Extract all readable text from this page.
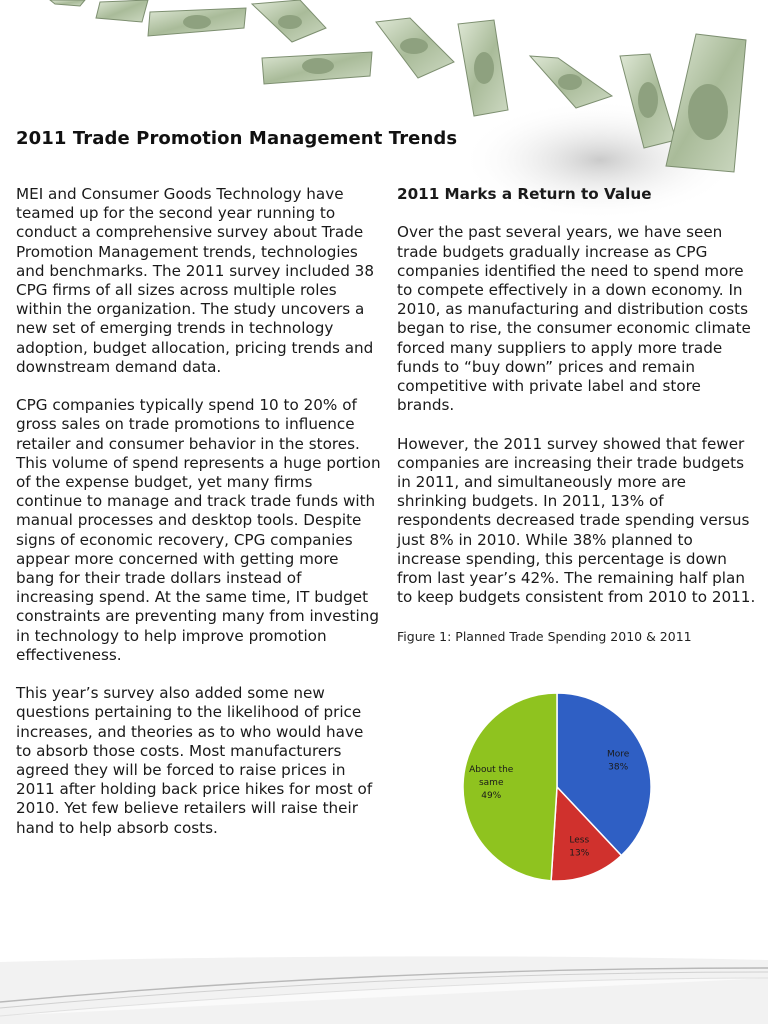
2011 Trade Promotion Management Trends

MEI and Consumer Goods Technology have teamed up for the second year running to conduct a comprehensive survey about Trade Promotion Management trends, technologies and benchmarks. The 2011 survey included 38 CPG firms of all sizes across multiple roles within the organization. The study uncovers a new set of emerging trends in technology adoption, budget allocation, pricing trends and downstream demand data.

CPG companies typically spend 10 to 20% of gross sales on trade promotions to influence retailer and consumer behavior in the stores. This volume of spend represents a huge portion of the expense budget, yet many firms continue to manage and track trade funds with manual processes and desktop tools. Despite signs of economic recovery, CPG companies appear more concerned with getting more bang for their trade dollars instead of increasing spend. At the same time, IT budget constraints are preventing many from investing in technology to help improve promotion effectiveness.

This year’s survey also added some new questions pertaining to the likelihood of price increases, and theories as to who would have to absorb those costs. Most manufacturers agreed they will be forced to raise prices in 2011 after holding back price hikes for most of 2010. Yet few believe retailers will raise their hand to help absorb costs.

2011 Marks a Return to Value

Over the past several years, we have seen trade budgets gradually increase as CPG companies identified the need to spend more to compete effectively in a down economy. In 2010, as manufacturing and distribution costs began to rise, the consumer economic climate forced many suppliers to apply more trade funds to “buy down” prices and remain competitive with private label and store brands.

However, the 2011 survey showed that fewer companies are increasing their trade budgets in 2011, and simultaneously more are shrinking budgets. In 2011, 13% of respondents decreased trade spending versus just 8% in 2010. While 38% planned to increase spending, this percentage is down from last year’s 42%. The remaining half plan to keep budgets consistent from 2010 to 2011.

Figure 1: Planned Trade Spending 2010 & 2011

More 38%
Less 13%
About the same 49%
